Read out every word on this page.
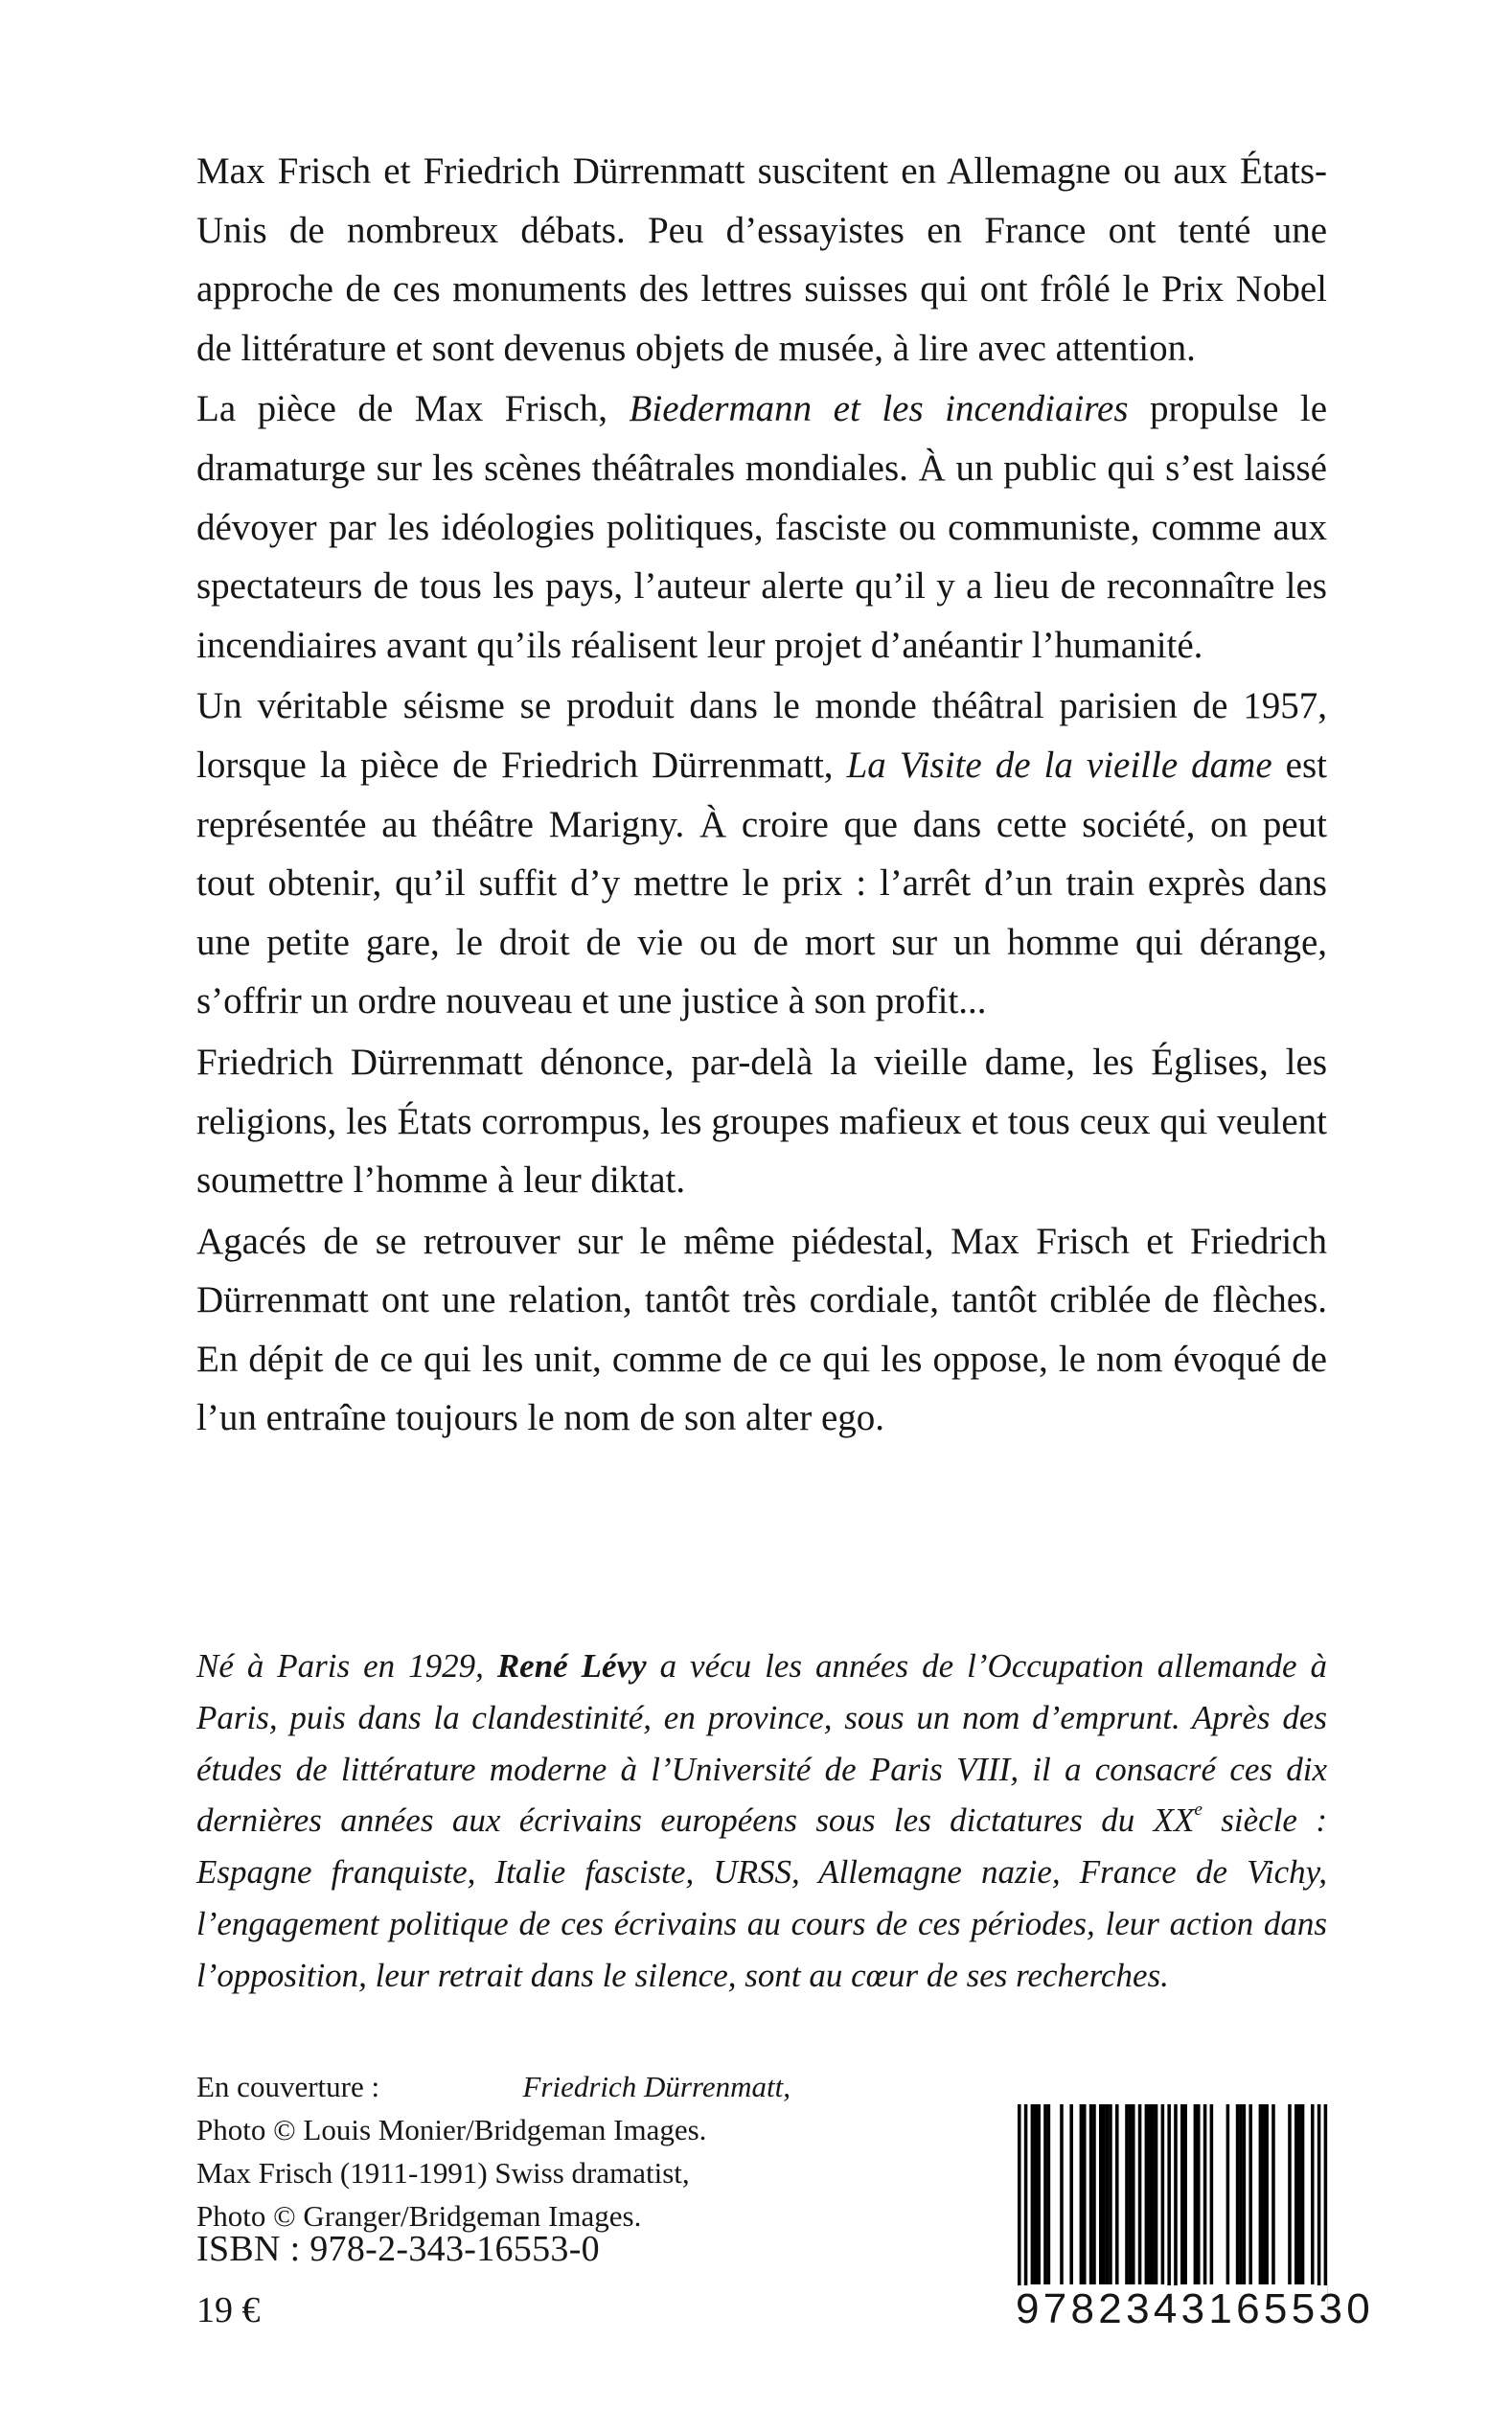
Max Frisch et Friedrich Dürrenmatt suscitent en Allemagne ou aux États-Unis de nombreux débats. Peu d’essayistes en France ont tenté une approche de ces monuments des lettres suisses qui ont frôlé le Prix Nobel de littérature et sont devenus objets de musée, à lire avec attention.

La pièce de Max Frisch, Biedermann et les incendiaires propulse le dramaturge sur les scènes théâtrales mondiales. À un public qui s’est laissé dévoyer par les idéologies politiques, fasciste ou communiste, comme aux spectateurs de tous les pays, l’auteur alerte qu’il y a lieu de reconnaître les incendiaires avant qu’ils réalisent leur projet d’anéantir l’humanité.

Un véritable séisme se produit dans le monde théâtral parisien de 1957, lorsque la pièce de Friedrich Dürrenmatt, La Visite de la vieille dame est représentée au théâtre Marigny. À croire que dans cette société, on peut tout obtenir, qu’il suffit d’y mettre le prix : l’arrêt d’un train exprès dans une petite gare, le droit de vie ou de mort sur un homme qui dérange, s’offrir un ordre nouveau et une justice à son profit...

Friedrich Dürrenmatt dénonce, par-delà la vieille dame, les Églises, les religions, les États corrompus, les groupes mafieux et tous ceux qui veulent soumettre l’homme à leur diktat.

Agacés de se retrouver sur le même piédestal, Max Frisch et Friedrich Dürrenmatt ont une relation, tantôt très cordiale, tantôt criblée de flèches. En dépit de ce qui les unit, comme de ce qui les oppose, le nom évoqué de l’un entraîne toujours le nom de son alter ego.

Né à Paris en 1929, René Lévy a vécu les années de l’Occupation allemande à Paris, puis dans la clandestinité, en province, sous un nom d’emprunt. Après des études de littérature moderne à l’Université de Paris VIII, il a consacré ces dix dernières années aux écrivains européens sous les dictatures du XXe siècle : Espagne franquiste, Italie fasciste, URSS, Allemagne nazie, France de Vichy, l’engagement politique de ces écrivains au cours de ces périodes, leur action dans l’opposition, leur retrait dans le silence, sont au cœur de ses recherches.
En couverture :	Friedrich Dürrenmatt,
Photo © Louis Monier/Bridgeman Images.
Max Frisch (1911-1991) Swiss dramatist,
Photo © Granger/Bridgeman Images.
ISBN : 978-2-343-16553-0
19 €	9782343165530
